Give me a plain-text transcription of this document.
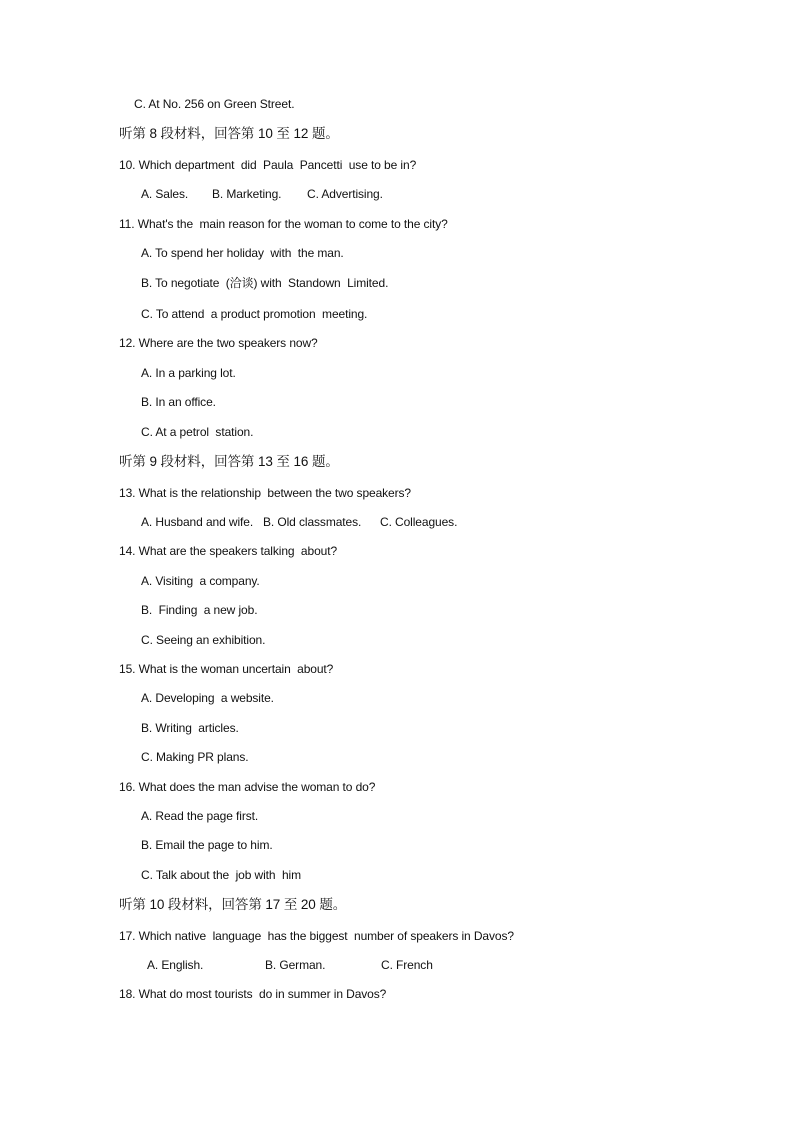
C. At No. 256 on Green Street.
听第 8 段材料，回答第 10 至 12 题。
10. Which department  did  Paula  Pancetti  use to be in?
A. Sales. B. Marketing. C. Advertising.
11. What's the  main reason for the woman to come to the city?
A. To spend her holiday  with  the man.
B. To negotiate  (洽谈) with  Standown  Limited.
C. To attend  a product promotion  meeting.
12. Where are the two speakers now?
A. In a parking lot.
B. In an office.
C. At a petrol  station.
听第 9 段材料，回答第 13 至 16 题。
13. What is the relationship  between the two speakers?
A. Husband and wife. B. Old classmates. C. Colleagues.
14. What are the speakers talking  about?
A. Visiting  a company.
B.  Finding  a new job.
C. Seeing an exhibition.
15. What is the woman uncertain  about?
A. Developing  a website.
B. Writing  articles.
C. Making PR plans.
16. What does the man advise the woman to do?
A. Read the page first.
B. Email the page to him.
C. Talk about the  job with  him
听第 10 段材料，回答第 17 至 20 题。
17. Which native  language  has the biggest  number of speakers in Davos?
A. English.	B. German.	C. French
18. What do most tourists  do in summer in Davos?
